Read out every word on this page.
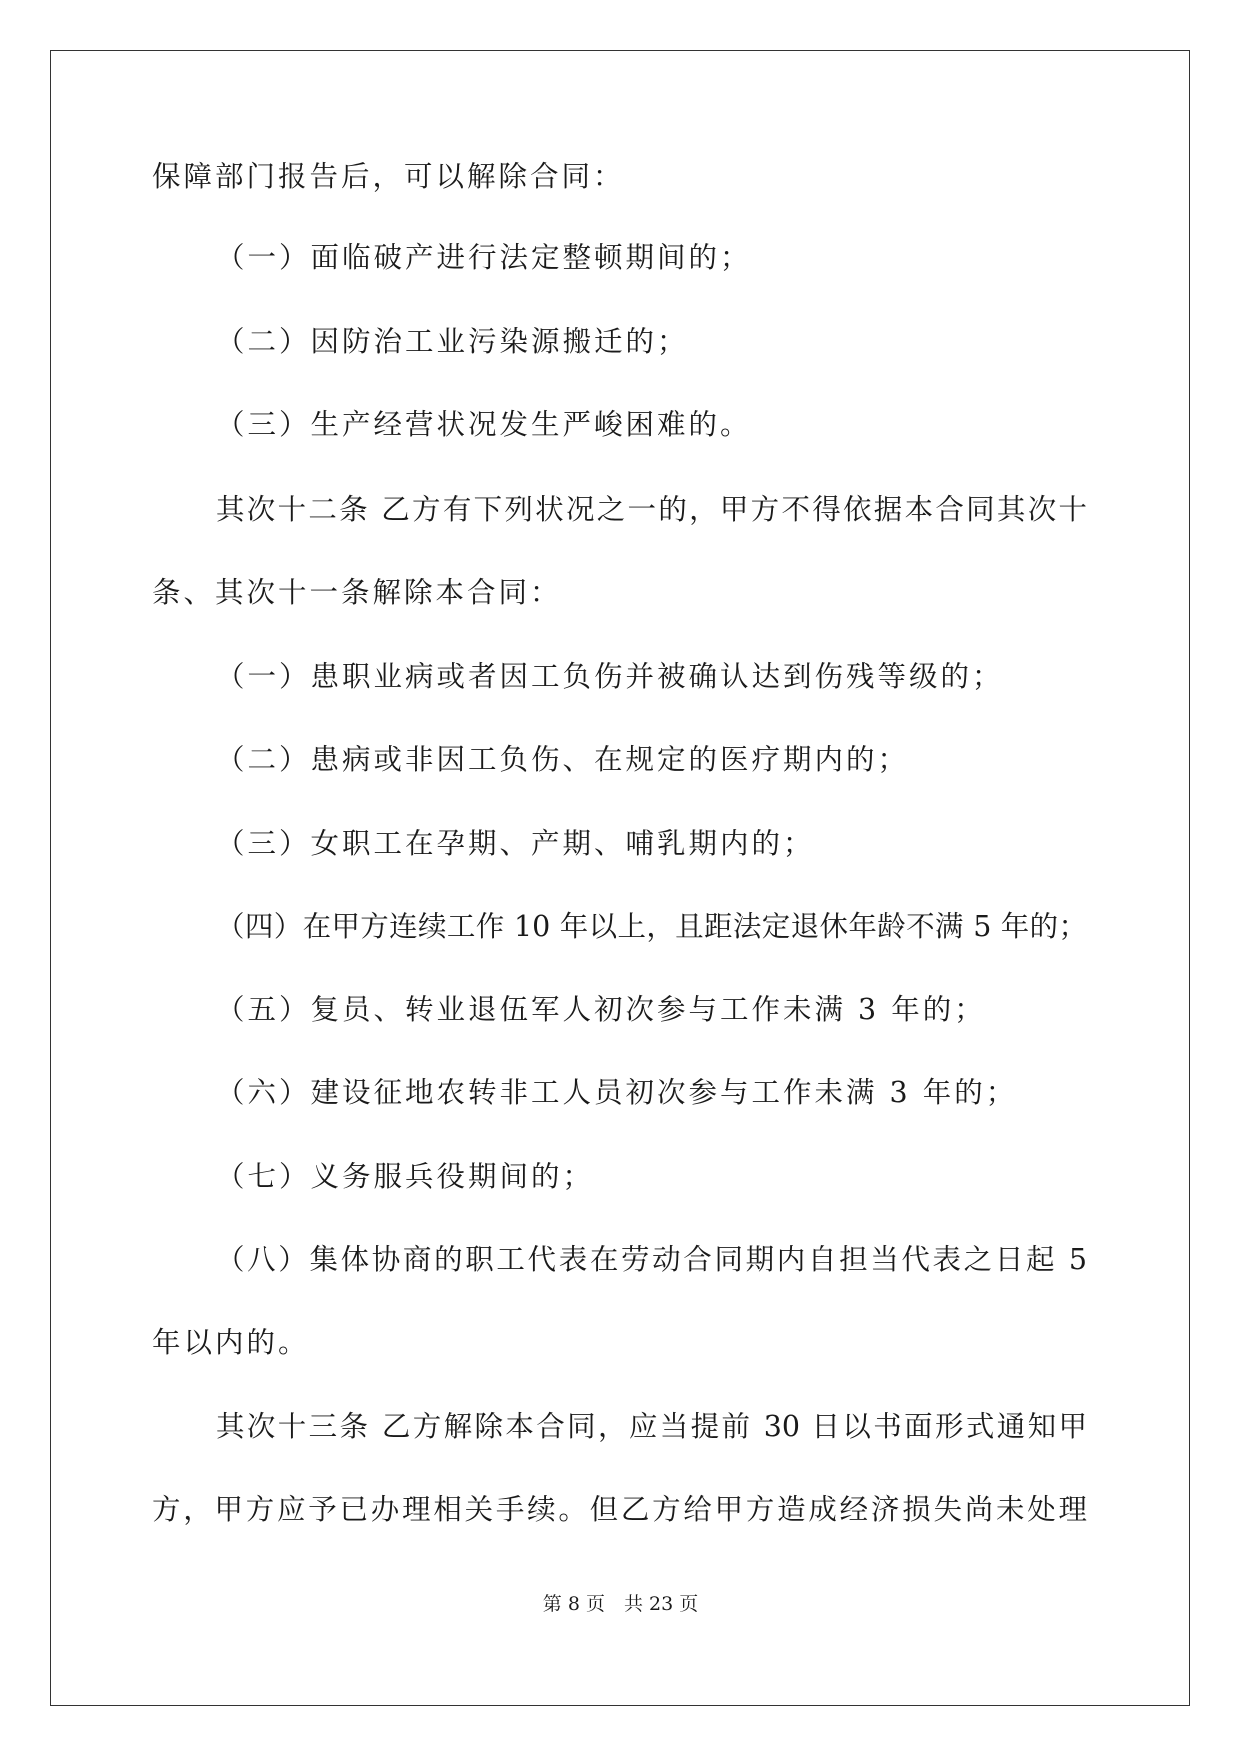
保障部门报告后，可以解除合同：
（一）面临破产进行法定整顿期间的；
（二）因防治工业污染源搬迁的；
（三）生产经营状况发生严峻困难的。
其次十二条 乙方有下列状况之一的，甲方不得依据本合同其次十
条、其次十一条解除本合同：
（一）患职业病或者因工负伤并被确认达到伤残等级的；
（二）患病或非因工负伤、在规定的医疗期内的；
（三）女职工在孕期、产期、哺乳期内的；
（四）在甲方连续工作 10 年以上，且距法定退休年龄不满 5 年的；
（五）复员、转业退伍军人初次参与工作未满 3 年的；
（六）建设征地农转非工人员初次参与工作未满 3 年的；
（七）义务服兵役期间的；
（八）集体协商的职工代表在劳动合同期内自担当代表之日起 5
年以内的。
其次十三条 乙方解除本合同，应当提前 30 日以书面形式通知甲
方，甲方应予已办理相关手续。但乙方给甲方造成经济损失尚未处理
第 8 页　共 23 页
